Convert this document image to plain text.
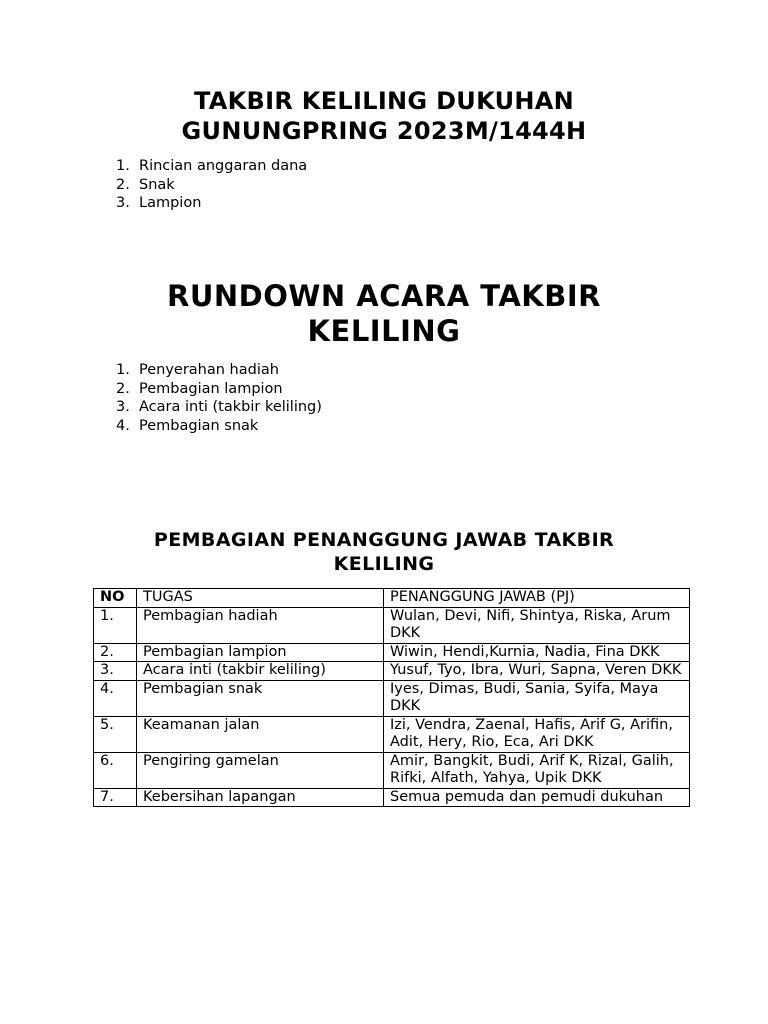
TAKBIR KELILING DUKUHAN
GUNUNGPRING 2023M/1444H
1. Rincian anggaran dana
2. Snak
3. Lampion
RUNDOWN ACARA TAKBIR
KELILING
1. Penyerahan hadiah
2. Pembagian lampion
3. Acara inti (takbir keliling)
4. Pembagian snak
PEMBAGIAN PENANGGUNG JAWAB TAKBIR
KELILING
NO	TUGAS	PENANGGUNG JAWAB (PJ)
1.	Pembagian hadiah	Wulan, Devi, Nifi, Shintya, Riska, Arum DKK
2.	Pembagian lampion	Wiwin, Hendi,Kurnia, Nadia, Fina DKK
3.	Acara inti (takbir keliling)	Yusuf, Tyo, Ibra, Wuri, Sapna, Veren DKK
4.	Pembagian snak	Iyes, Dimas, Budi, Sania, Syifa, Maya DKK
5.	Keamanan jalan	Izi, Vendra, Zaenal, Hafis, Arif G, Arifin, Adit, Hery, Rio, Eca, Ari DKK
6.	Pengiring gamelan	Amir, Bangkit, Budi, Arif K, Rizal, Galih, Rifki, Alfath, Yahya, Upik DKK
7.	Kebersihan lapangan	Semua pemuda dan pemudi dukuhan
